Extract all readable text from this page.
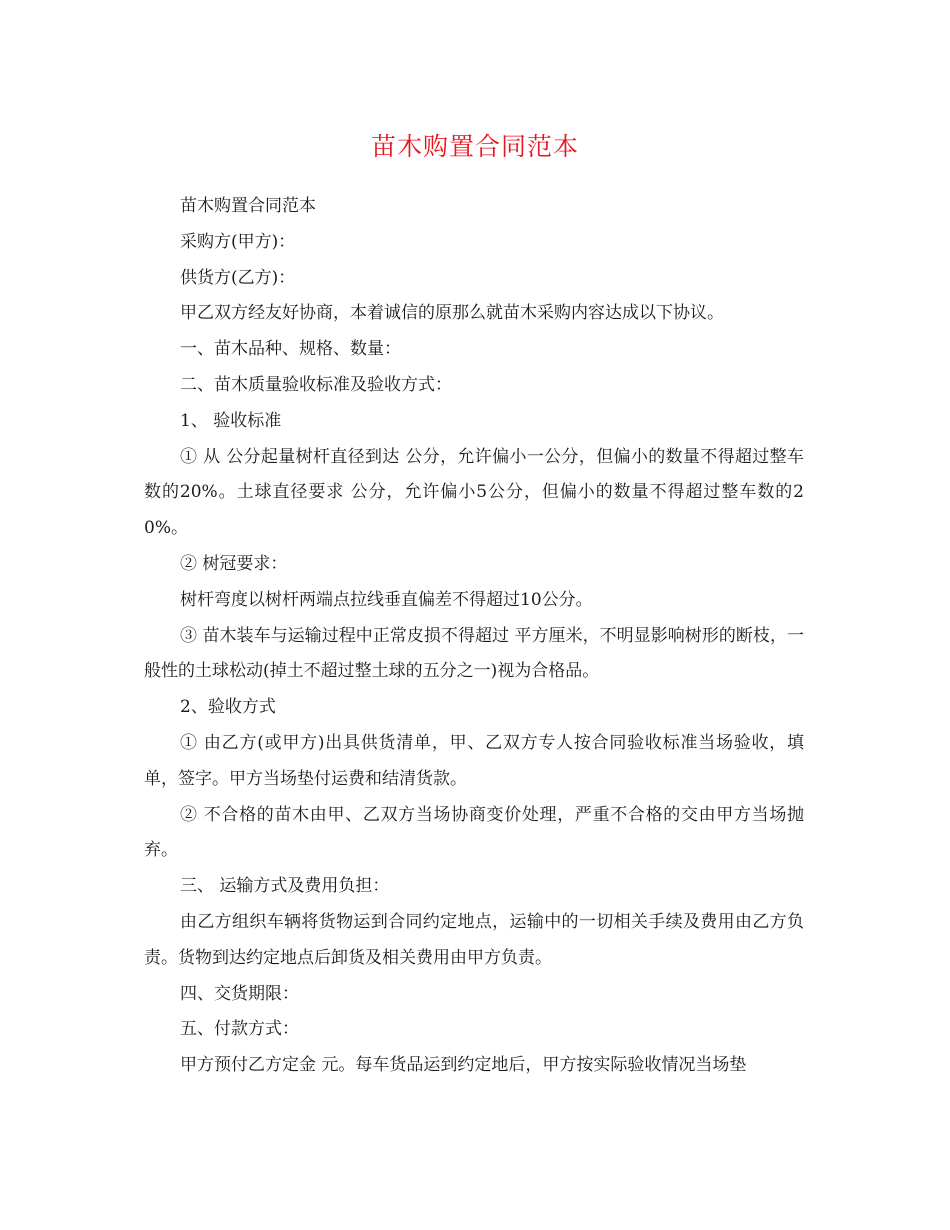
苗木购置合同范本

苗木购置合同范本

采购方(甲方)：

供货方(乙方)：

甲乙双方经友好协商，本着诚信的原那么就苗木采购内容达成以下协议。

一、苗木品种、规格、数量：

二、苗木质量验收标准及验收方式：

1、 验收标准

① 从 公分起量树杆直径到达 公分，允许偏小一公分，但偏小的数量不得超过整车数的20%。土球直径要求 公分，允许偏小5公分，但偏小的数量不得超过整车数的20%。

② 树冠要求：

树杆弯度以树杆两端点拉线垂直偏差不得超过10公分。

③ 苗木装车与运输过程中正常皮损不得超过 平方厘米，不明显影响树形的断枝，一般性的土球松动(掉土不超过整土球的五分之一)视为合格品。

2、验收方式

① 由乙方(或甲方)出具供货清单，甲、乙双方专人按合同验收标准当场验收，填单，签字。甲方当场垫付运费和结清货款。

② 不合格的苗木由甲、乙双方当场协商变价处理，严重不合格的交由甲方当场抛弃。

三、 运输方式及费用负担：

由乙方组织车辆将货物运到合同约定地点，运输中的一切相关手续及费用由乙方负责。货物到达约定地点后卸货及相关费用由甲方负责。

四、交货期限：

五、付款方式：

甲方预付乙方定金 元。每车货品运到约定地后，甲方按实际验收情况当场垫
